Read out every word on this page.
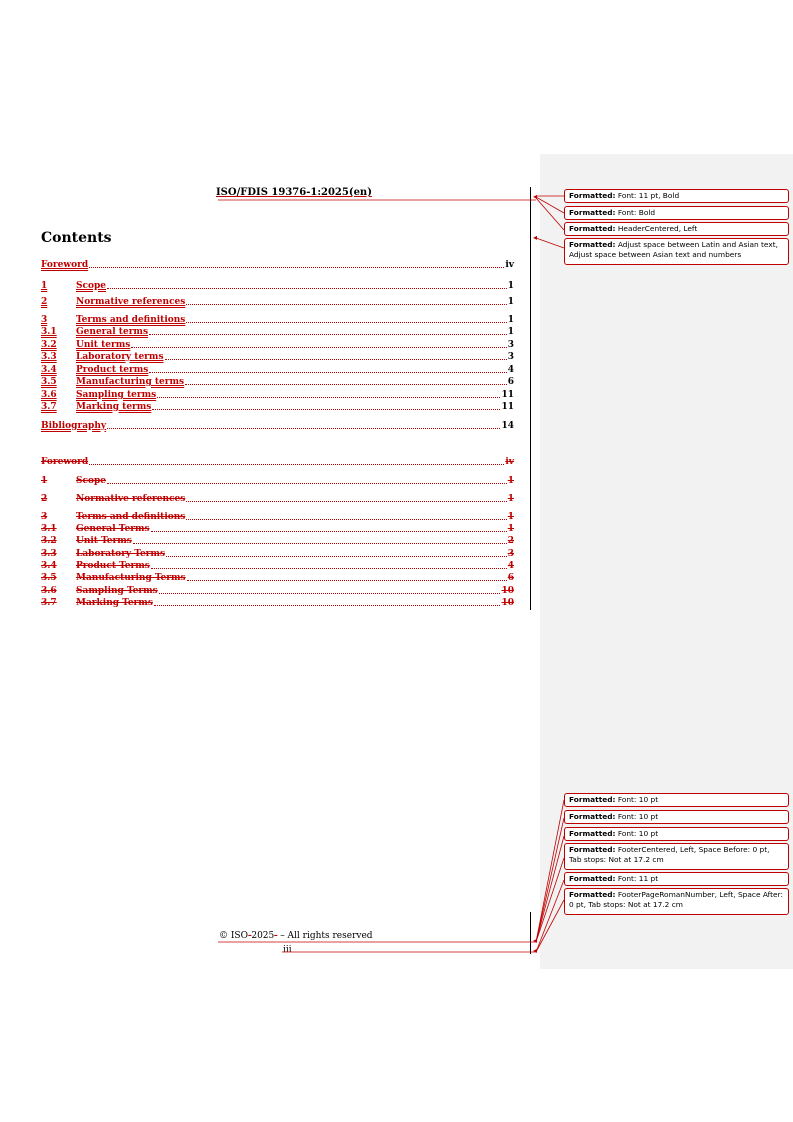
ISO/FDIS 19376-1:2025(en)
Contents
Foreword	iv
1	Scope	1
2	Normative references	1
3	Terms and definitions	1
3.1	General terms	1
3.2	Unit terms	3
3.3	Laboratory terms	3
3.4	Product terms	4
3.5	Manufacturing terms	6
3.6	Sampling terms	11
3.7	Marking terms	11
Bibliography	14
Foreword	iv
1	Scope	1
2	Normative references	1
3	Terms and definitions	1
3.1	General Terms	1
3.2	Unit Terms	2
3.3	Laboratory Terms	3
3.4	Product Terms	4
3.5	Manufacturing Terms	6
3.6	Sampling Terms	10
3.7	Marking Terms	10
© ISO-2025- – All rights reserved
iii
Formatted: Font: 11 pt, Bold
Formatted: Font: Bold
Formatted: HeaderCentered, Left
Formatted: Adjust space between Latin and Asian text, Adjust space between Asian text and numbers
Formatted: Font: 10 pt
Formatted: Font: 10 pt
Formatted: Font: 10 pt
Formatted: FooterCentered, Left, Space Before: 0 pt, Tab stops: Not at 17.2 cm
Formatted: Font: 11 pt
Formatted: FooterPageRomanNumber, Left, Space After: 0 pt, Tab stops: Not at 17.2 cm
◂
◂
◂
◂
